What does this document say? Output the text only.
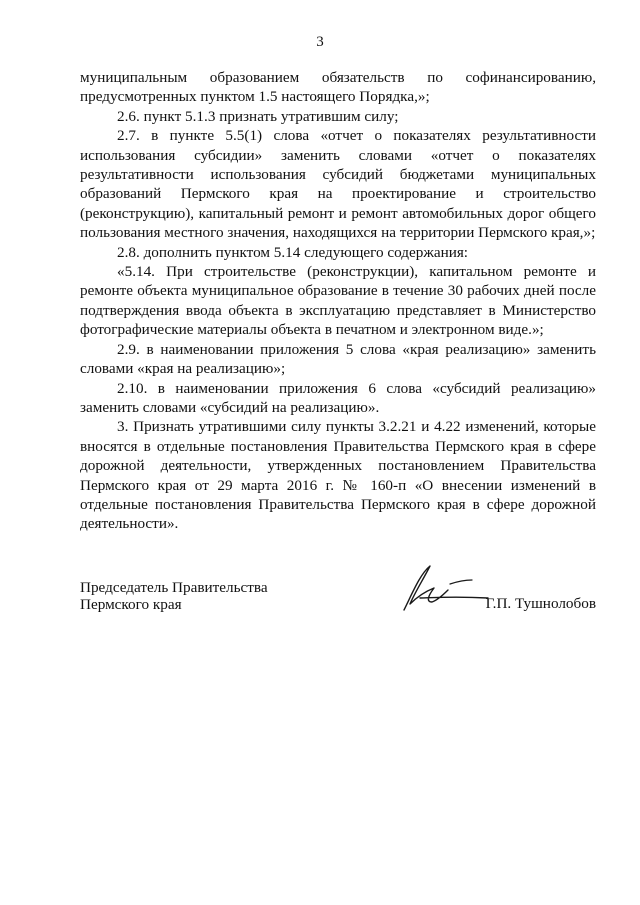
3

муниципальным образованием обязательств по софинансированию, предусмотренных пунктом 1.5 настоящего Порядка,»;

2.6. пункт 5.1.3 признать утратившим силу;

2.7. в пункте 5.5(1) слова «отчет о показателях результативности использования субсидии» заменить словами «отчет о показателях результативности использования субсидий бюджетами муниципальных образований Пермского края на проектирование и строительство (реконструкцию), капитальный ремонт и ремонт автомобильных дорог общего пользования местного значения, находящихся на территории Пермского края,»;

2.8. дополнить пунктом 5.14 следующего содержания:

«5.14. При строительстве (реконструкции), капитальном ремонте и ремонте объекта муниципальное образование в течение 30 рабочих дней после подтверждения ввода объекта в эксплуатацию представляет в Министерство фотографические материалы объекта в печатном и электронном виде.»;

2.9. в наименовании приложения 5 слова «края реализацию» заменить словами «края на реализацию»;

2.10. в наименовании приложения 6 слова «субсидий реализацию» заменить словами «субсидий на реализацию».

3. Признать утратившими силу пункты 3.2.21 и 4.22 изменений, которые вносятся в отдельные постановления Правительства Пермского края в сфере дорожной деятельности, утвержденных постановлением Правительства Пермского края от 29 марта 2016 г. № 160-п «О внесении изменений в отдельные постановления Правительства Пермского края в сфере дорожной деятельности».

Председатель Правительства
Пермского края	Г.П. Тушнолобов
